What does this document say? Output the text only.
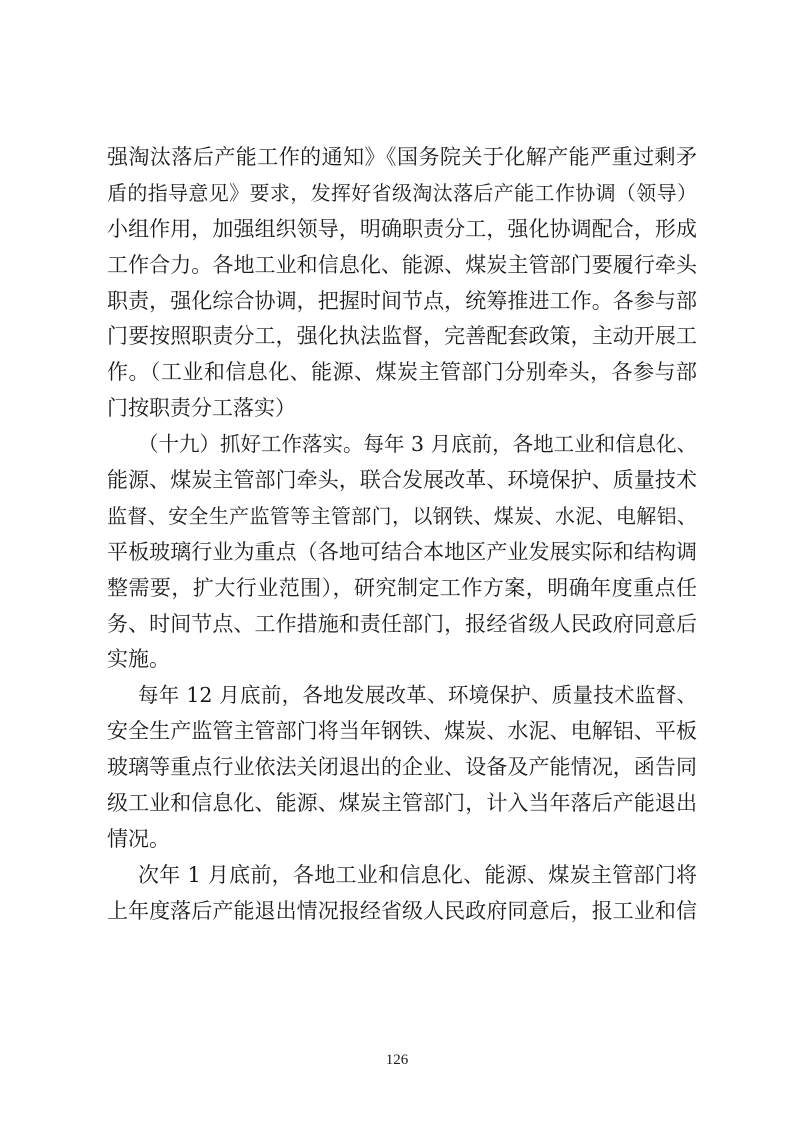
强淘汰落后产能工作的通知》《国务院关于化解产能严重过剩矛
盾的指导意见》要求，发挥好省级淘汰落后产能工作协调（领导）
小组作用，加强组织领导，明确职责分工，强化协调配合，形成
工作合力。各地工业和信息化、能源、煤炭主管部门要履行牵头
职责，强化综合协调，把握时间节点，统筹推进工作。各参与部
门要按照职责分工，强化执法监督，完善配套政策，主动开展工
作。（工业和信息化、能源、煤炭主管部门分别牵头，各参与部
门按职责分工落实）
（十九）抓好工作落实。每年 3 月底前，各地工业和信息化、
能源、煤炭主管部门牵头，联合发展改革、环境保护、质量技术
监督、安全生产监管等主管部门，以钢铁、煤炭、水泥、电解铝、
平板玻璃行业为重点（各地可结合本地区产业发展实际和结构调
整需要，扩大行业范围），研究制定工作方案，明确年度重点任
务、时间节点、工作措施和责任部门，报经省级人民政府同意后
实施。
每年 12 月底前，各地发展改革、环境保护、质量技术监督、
安全生产监管主管部门将当年钢铁、煤炭、水泥、电解铝、平板
玻璃等重点行业依法关闭退出的企业、设备及产能情况，函告同
级工业和信息化、能源、煤炭主管部门，计入当年落后产能退出
情况。
次年 1 月底前，各地工业和信息化、能源、煤炭主管部门将
上年度落后产能退出情况报经省级人民政府同意后，报工业和信
126
